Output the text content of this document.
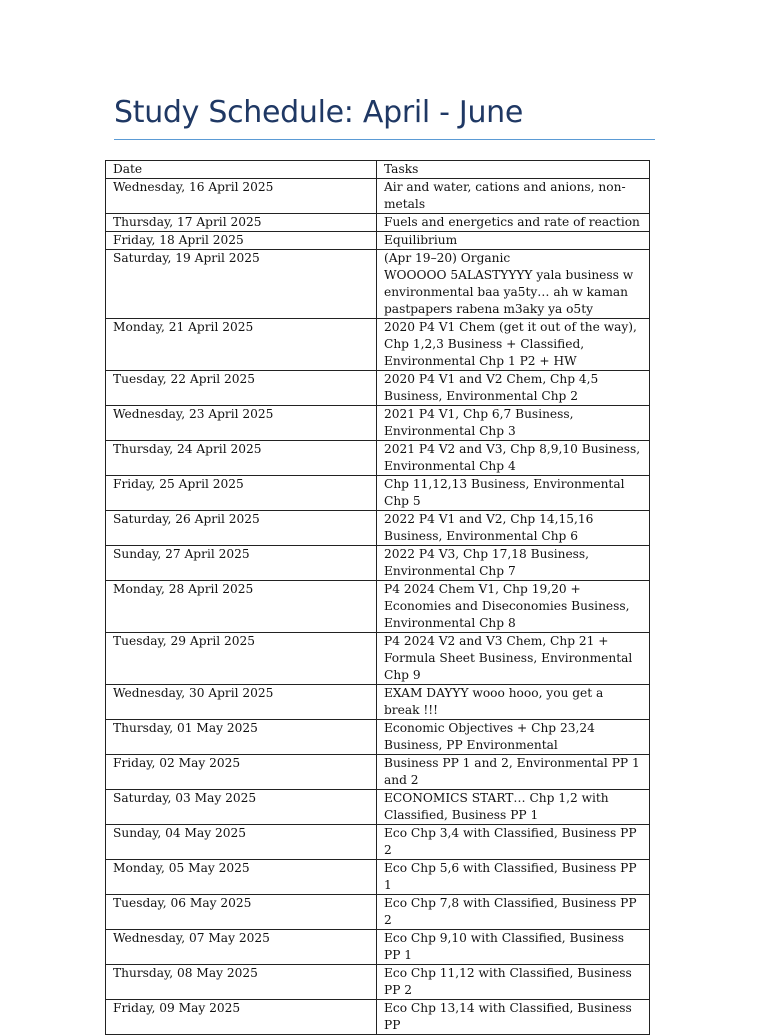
Study Schedule: April - June
Date	Tasks
Wednesday, 16 April 2025	Air and water, cations and anions, non-metals

Thursday, 17 April 2025	Fuels and energetics and rate of reaction

Friday, 18 April 2025	Equilibrium

Saturday, 19 April 2025	(Apr 19–20) Organic
WOOOOO 5ALASTYYYY yala business w environmental baa ya5ty… ah w kaman pastpapers rabena m3aky ya o5ty

Monday, 21 April 2025	2020 P4 V1 Chem (get it out of the way), Chp 1,2,3 Business + Classified, Environmental Chp 1 P2 + HW

Tuesday, 22 April 2025	2020 P4 V1 and V2 Chem, Chp 4,5 Business, Environmental Chp 2

Wednesday, 23 April 2025	2021 P4 V1, Chp 6,7 Business, Environmental Chp 3

Thursday, 24 April 2025	2021 P4 V2 and V3, Chp 8,9,10 Business, Environmental Chp 4

Friday, 25 April 2025	Chp 11,12,13 Business, Environmental Chp 5

Saturday, 26 April 2025	2022 P4 V1 and V2, Chp 14,15,16 Business, Environmental Chp 6

Sunday, 27 April 2025	2022 P4 V3, Chp 17,18 Business, Environmental Chp 7

Monday, 28 April 2025	P4 2024 Chem V1, Chp 19,20 + Economies and Diseconomies Business, Environmental Chp 8

Tuesday, 29 April 2025	P4 2024 V2 and V3 Chem, Chp 21 + Formula Sheet Business, Environmental Chp 9

Wednesday, 30 April 2025	EXAM DAYYY wooo hooo, you get a
break !!!

Thursday, 01 May 2025	Economic Objectives + Chp 23,24 Business, PP Environmental

Friday, 02 May 2025	Business PP 1 and 2, Environmental PP 1 and 2

Saturday, 03 May 2025	ECONOMICS START… Chp 1,2 with Classified, Business PP 1

Sunday, 04 May 2025	Eco Chp 3,4 with Classified, Business PP 2

Monday, 05 May 2025	Eco Chp 5,6 with Classified, Business PP 1

Tuesday, 06 May 2025	Eco Chp 7,8 with Classified, Business PP 2

Wednesday, 07 May 2025	Eco Chp 9,10 with Classified, Business PP 1

Thursday, 08 May 2025	Eco Chp 11,12 with Classified, Business PP 2

Friday, 09 May 2025	Eco Chp 13,14 with Classified, Business PP
